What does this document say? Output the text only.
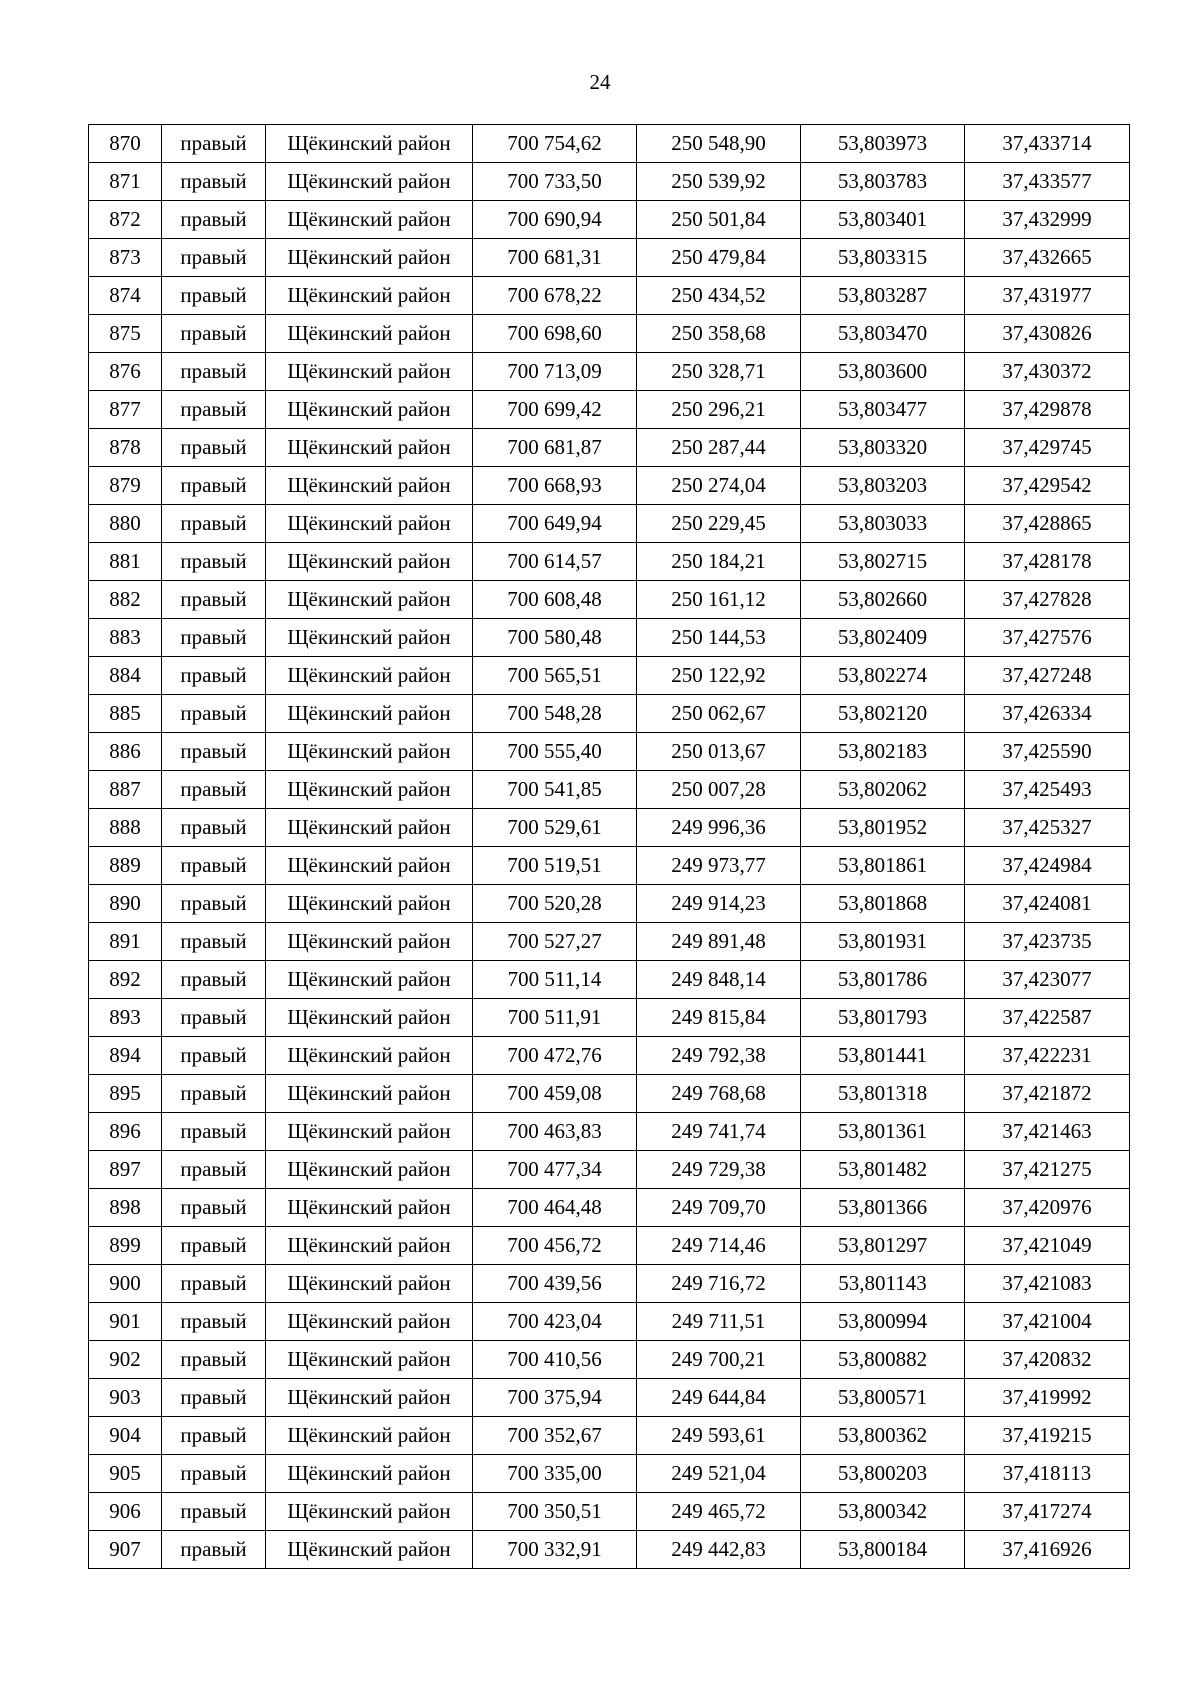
24
870	правый	Щёкинский район	700 754,62	250 548,90	53,803973	37,433714
871	правый	Щёкинский район	700 733,50	250 539,92	53,803783	37,433577
872	правый	Щёкинский район	700 690,94	250 501,84	53,803401	37,432999
873	правый	Щёкинский район	700 681,31	250 479,84	53,803315	37,432665
874	правый	Щёкинский район	700 678,22	250 434,52	53,803287	37,431977
875	правый	Щёкинский район	700 698,60	250 358,68	53,803470	37,430826
876	правый	Щёкинский район	700 713,09	250 328,71	53,803600	37,430372
877	правый	Щёкинский район	700 699,42	250 296,21	53,803477	37,429878
878	правый	Щёкинский район	700 681,87	250 287,44	53,803320	37,429745
879	правый	Щёкинский район	700 668,93	250 274,04	53,803203	37,429542
880	правый	Щёкинский район	700 649,94	250 229,45	53,803033	37,428865
881	правый	Щёкинский район	700 614,57	250 184,21	53,802715	37,428178
882	правый	Щёкинский район	700 608,48	250 161,12	53,802660	37,427828
883	правый	Щёкинский район	700 580,48	250 144,53	53,802409	37,427576
884	правый	Щёкинский район	700 565,51	250 122,92	53,802274	37,427248
885	правый	Щёкинский район	700 548,28	250 062,67	53,802120	37,426334
886	правый	Щёкинский район	700 555,40	250 013,67	53,802183	37,425590
887	правый	Щёкинский район	700 541,85	250 007,28	53,802062	37,425493
888	правый	Щёкинский район	700 529,61	249 996,36	53,801952	37,425327
889	правый	Щёкинский район	700 519,51	249 973,77	53,801861	37,424984
890	правый	Щёкинский район	700 520,28	249 914,23	53,801868	37,424081
891	правый	Щёкинский район	700 527,27	249 891,48	53,801931	37,423735
892	правый	Щёкинский район	700 511,14	249 848,14	53,801786	37,423077
893	правый	Щёкинский район	700 511,91	249 815,84	53,801793	37,422587
894	правый	Щёкинский район	700 472,76	249 792,38	53,801441	37,422231
895	правый	Щёкинский район	700 459,08	249 768,68	53,801318	37,421872
896	правый	Щёкинский район	700 463,83	249 741,74	53,801361	37,421463
897	правый	Щёкинский район	700 477,34	249 729,38	53,801482	37,421275
898	правый	Щёкинский район	700 464,48	249 709,70	53,801366	37,420976
899	правый	Щёкинский район	700 456,72	249 714,46	53,801297	37,421049
900	правый	Щёкинский район	700 439,56	249 716,72	53,801143	37,421083
901	правый	Щёкинский район	700 423,04	249 711,51	53,800994	37,421004
902	правый	Щёкинский район	700 410,56	249 700,21	53,800882	37,420832
903	правый	Щёкинский район	700 375,94	249 644,84	53,800571	37,419992
904	правый	Щёкинский район	700 352,67	249 593,61	53,800362	37,419215
905	правый	Щёкинский район	700 335,00	249 521,04	53,800203	37,418113
906	правый	Щёкинский район	700 350,51	249 465,72	53,800342	37,417274
907	правый	Щёкинский район	700 332,91	249 442,83	53,800184	37,416926
